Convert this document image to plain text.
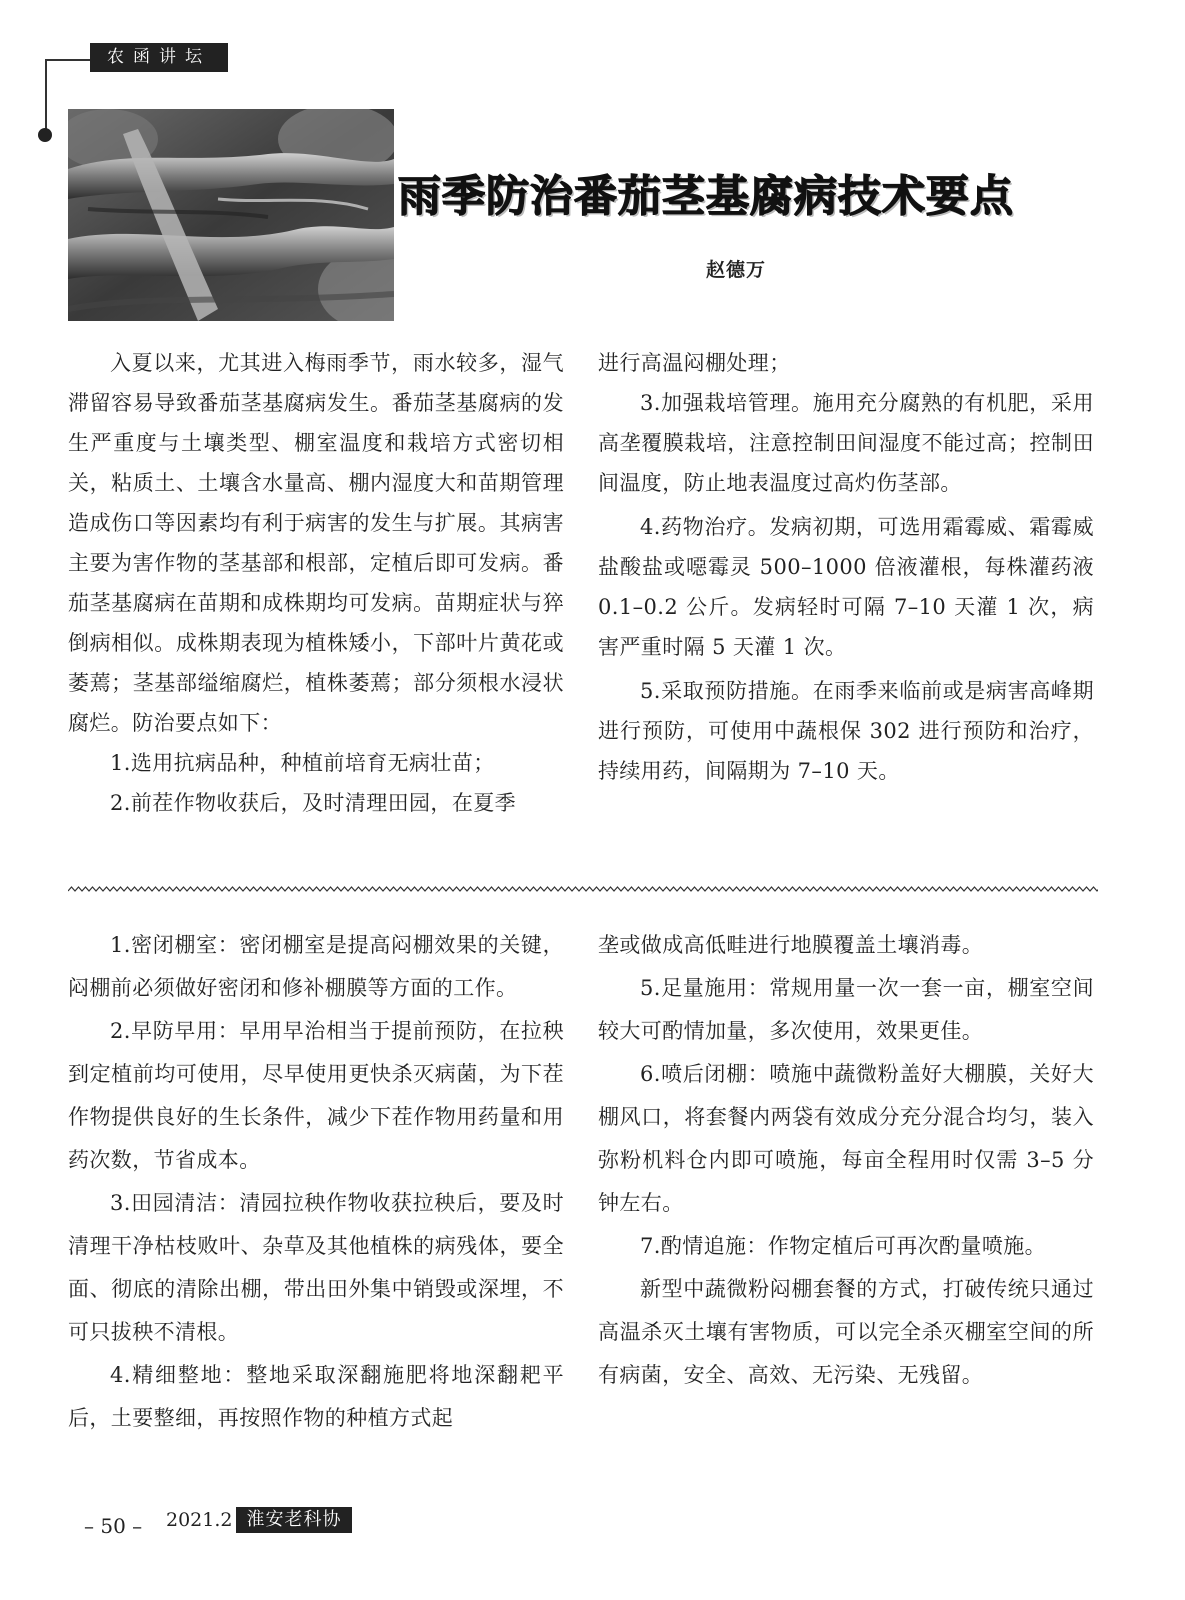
农函讲坛
雨季防治番茄茎基腐病技术要点

赵德万

入夏以来，尤其进入梅雨季节，雨水较多，湿气滞留容易导致番茄茎基腐病发生。番茄茎基腐病的发生严重度与土壤类型、棚室温度和栽培方式密切相关，粘质土、土壤含水量高、棚内湿度大和苗期管理造成伤口等因素均有利于病害的发生与扩展。其病害主要为害作物的茎基部和根部，定植后即可发病。番茄茎基腐病在苗期和成株期均可发病。苗期症状与猝倒病相似。成株期表现为植株矮小，下部叶片黄花或萎蔫；茎基部缢缩腐烂，植株萎蔫；部分须根水浸状腐烂。防治要点如下：

1.选用抗病品种，种植前培育无病壮苗；

2.前茬作物收获后，及时清理田园，在夏季

进行高温闷棚处理；

3.加强栽培管理。施用充分腐熟的有机肥，采用高垄覆膜栽培，注意控制田间湿度不能过高；控制田间温度，防止地表温度过高灼伤茎部。

4.药物治疗。发病初期，可选用霜霉威、霜霉威盐酸盐或噁霉灵 500–1000 倍液灌根，每株灌药液 0.1–0.2 公斤。发病轻时可隔 7–10 天灌 1 次，病害严重时隔 5 天灌 1 次。

5.采取预防措施。在雨季来临前或是病害高峰期进行预防，可使用中蔬根保 302 进行预防和治疗，持续用药，间隔期为 7–10 天。

1.密闭棚室：密闭棚室是提高闷棚效果的关键，闷棚前必须做好密闭和修补棚膜等方面的工作。

2.早防早用：早用早治相当于提前预防，在拉秧到定植前均可使用，尽早使用更快杀灭病菌，为下茬作物提供良好的生长条件，减少下茬作物用药量和用药次数，节省成本。

3.田园清洁：清园拉秧作物收获拉秧后，要及时清理干净枯枝败叶、杂草及其他植株的病残体，要全面、彻底的清除出棚，带出田外集中销毁或深埋，不可只拔秧不清根。

4.精细整地：整地采取深翻施肥将地深翻耙平后，土要整细，再按照作物的种植方式起

垄或做成高低畦进行地膜覆盖土壤消毒。

5.足量施用：常规用量一次一套一亩，棚室空间较大可酌情加量，多次使用，效果更佳。

6.喷后闭棚：喷施中蔬微粉盖好大棚膜，关好大棚风口，将套餐内两袋有效成分充分混合均匀，装入弥粉机料仓内即可喷施，每亩全程用时仅需 3–5 分钟左右。

7.酌情追施：作物定植后可再次酌量喷施。

新型中蔬微粉闷棚套餐的方式，打破传统只通过高温杀灭土壤有害物质，可以完全杀灭棚室空间的所有病菌，安全、高效、无污染、无残留。

– 50 – 2021.2 淮安老科协
